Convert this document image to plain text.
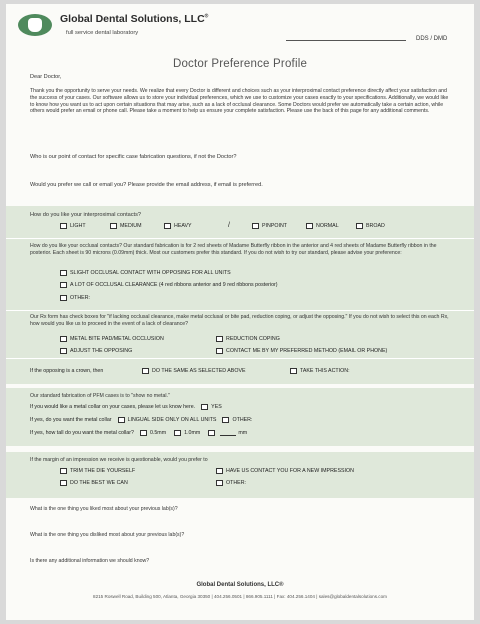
Global Dental Solutions, LLC®
full service dental laboratory
DDS / DMD
Doctor Preference Profile
Dear Doctor,
Thank you the opportunity to serve your needs. We realize that every Doctor is different and choices such as your interproximal contact preference directly affect your satisfaction and the success of your cases. Our software allows us to store your individual preferences, which we use to customize your cases exactly to your specifications. Additionally, we would like to know how you want us to act upon certain situations that may arise, such as a lack of occlusal clearance. Some Doctors would prefer we automatically take a certain action, while others would prefer an email or phone call. Please take a moment to help us ensure your complete satisfaction. Please use the back of this page for any additional comments.
Who is our point of contact for specific case fabrication questions, if not the Doctor?
Would you prefer we call or email you? Please provide the email address, if email is preferred.
How do you like your interproximal contacts?
LIGHT	MEDIUM	HEAVY	/	PINPOINT	NORMAL	BROAD
How do you like your occlusal contacts? Our standard fabrication is for 2 red sheets of Madame Butterfly ribbon in the anterior and 4 red sheets of Madame Butterfly ribbon in the posterior. Each sheet is 90 microns (0.09mm) thick. Most our customers prefer this standard. If you do not wish to try our standard, please advise your preference:
SLIGHT OCCLUSAL CONTACT WITH OPPOSING FOR ALL UNITS
A LOT OF OCCLUSAL CLEARANCE (4 red ribbons anterior and 9 red ribbons posterior)
OTHER:
Our Rx form has check boxes for "if lacking occlusal clearance, make metal occlusal or bite pad, reduction coping, or adjust the opposing." If you do not wish to select this on each Rx, how would you like us to proceed in the event of a lack of clearance?
METAL BITE PAD/METAL OCCLUSION	REDUCTION COPING
ADJUST THE OPPOSING	CONTACT ME BY MY PREFERRED METHOD (EMAIL OR PHONE)
If the opposing is a crown, then	DO THE SAME AS SELECTED ABOVE	TAKE THIS ACTION:
Our standard fabrication of PFM cases is to "show no metal."
If you would like a metal collar on your cases, please let us know here.	YES
If yes, do you want the metal collar	LINGUAL SIDE ONLY ON ALL UNITS	OTHER:
If yes, how tall do you want the metal collar?	0.5mm	1.0mm	mm
If the margin of an impression we receive is questionable, would you prefer to
TRIM THE DIE YOURSELF	HAVE US CONTACT YOU FOR A NEW IMPRESSION
DO THE BEST WE CAN	OTHER:
What is the one thing you liked most about your previous lab(s)?
What is the one thing you disliked most about your previous lab(s)?
Is there any additional information we should know?
Global Dental Solutions, LLC®
8215 Roswell Road, Building 500, Atlanta, Georgia 30350 | 404.256.0501 | 866.905.1111 | Fax: 404.256.1404 | sales@globaldentalsolutions.com
